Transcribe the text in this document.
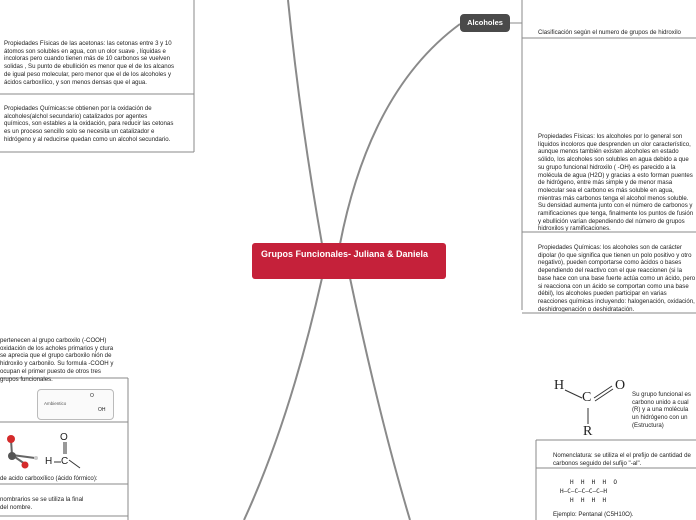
Grupos Funcionales- Juliana & Daniela
Alcoholes
Clasificación según el numero de grupos de hidroxilo
Propiedades Físicas: los alcoholes por lo general son líquidos incoloros que desprenden un olor característico, aunque menos también existen alcoholes en estado sólido, los alcoholes son solubles en agua debido a que su grupo funcional hidroxilo ( -OH) es parecido a la molécula de agua (H2O) y gracias a esto forman puentes de hidrógeno, entre más simple y de menor masa molecular sea el carbono es más soluble en agua, mientras más carbonos tenga el alcohol menos soluble. Su densidad aumenta junto con el número de carbonos y ramificaciones que tenga, finalmente los puntos de fusión y ebullición varían dependiendo del número de grupos hidroxilos y ramificaciones.
Propiedades Químicas: los alcoholes son de carácter dipolar (lo que significa que tienen un polo positivo y otro negativo), pueden comportarse como ácidos o bases dependiendo del reactivo con el que reaccionen (si la base hace con una base fuerte actúa como un ácido, pero si reacciona con un ácido se comportan como una base débil), los alcoholes pueden participar en varias reacciones químicas incluyendo: halogenación, oxidación, deshidrogenación o deshidratación.
Propiedades Físicas de las acetonas: las cetonas entre 3 y 10 átomos son solubles en agua, con un olor suave , líquidas e incoloras pero cuando tienen más de 10 carbonos se vuelven solidas , Su punto de ebullición es menor que el de los alcanos de igual peso molecular, pero menor que el de los alcoholes y ácidos carboxílico, y son menos densas que el agua.
Propiedades Químicas:se obtienen por la oxidación de alcoholes(alchol secundario) catalizados por agentes químicos, son estables a la oxidación, para reducir las cetonas es un proceso sencillo solo se necesita un catalizador e hidrógeno y al reducirse quedan como un alcohol secundario.
pertenecen al grupo carboxilo (-COOH) oxidación de los acholes primarios y ctura se aprecia que el grupo carboxilo nión de hidroxilo y carbonilo. Su formula -COOH y ocupan el primer puesto de otros tres grupos funcionales.
Ambientico
O
OH
O
H C
de acido carboxílico (ácido fórmico):
nombrarios se se utiliza la final del nombre.
H
C
O
R
Su grupo funcional es carbono unido a cual (R) y a una molécula un hidrógeno con un (Estructura)
Nomenclatura: se utiliza el el prefijo de cantidad de carbonos seguido del sufijo "-al".
H  H  H  H  O
H—C—C—C—C—C—H
H  H  H  H
Ejemplo: Pentanal (C5H10O).
